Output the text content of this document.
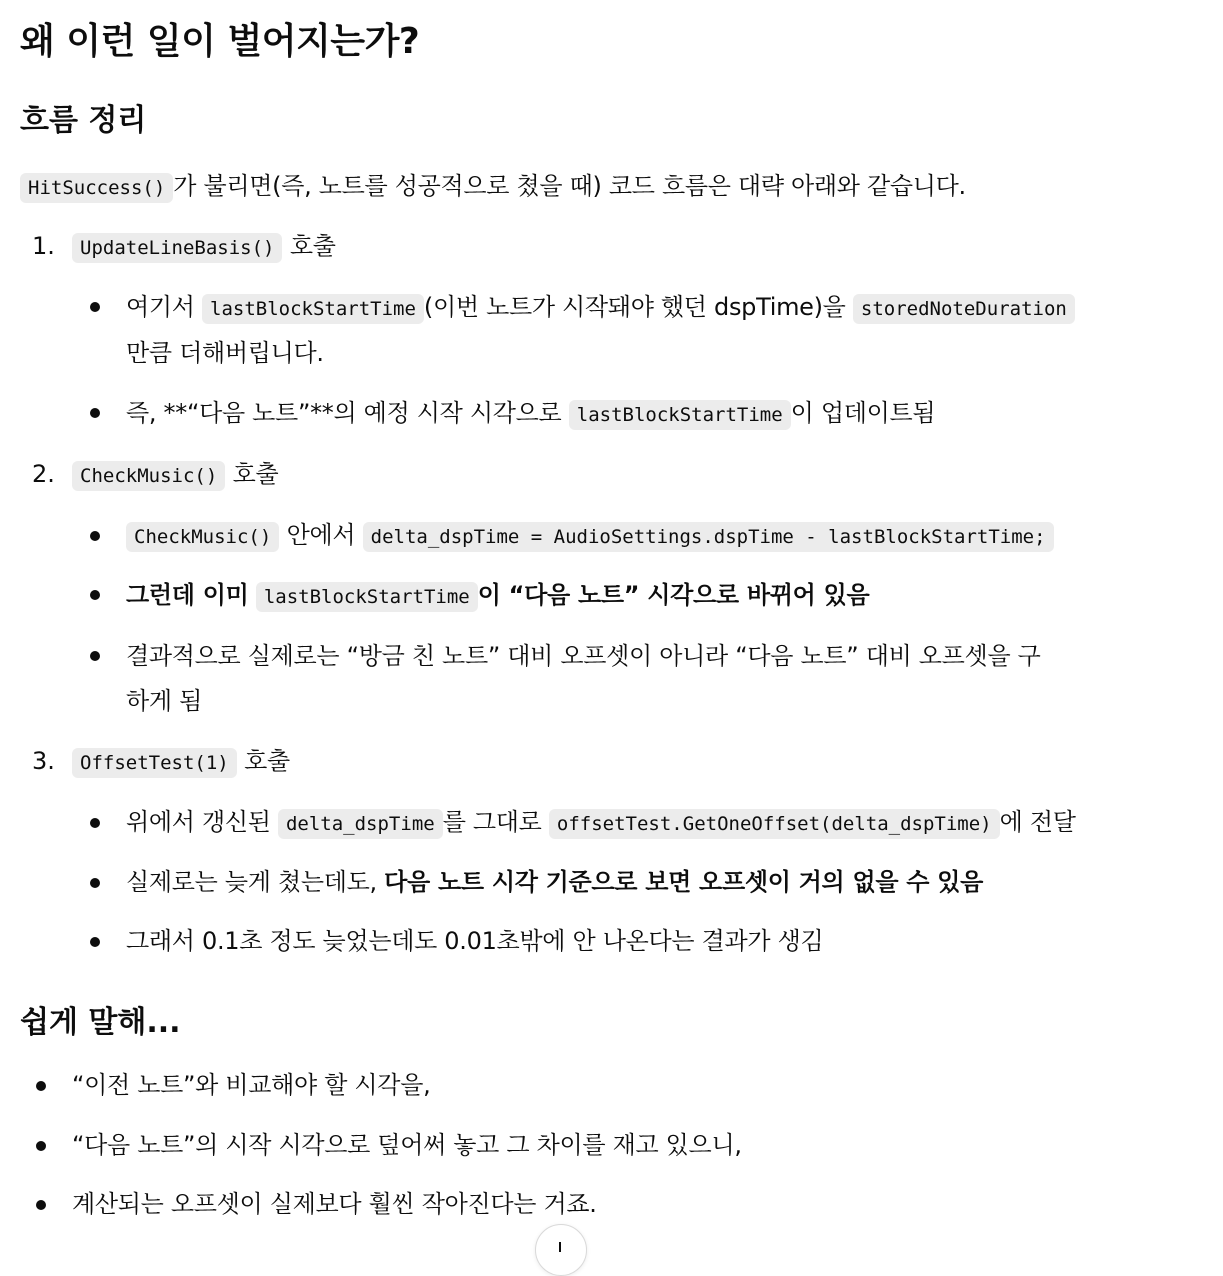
왜 이런 일이 벌어지는가?
흐름 정리
HitSuccess() 가 불리면(즉, 노트를 성공적으로 쳤을 때) 코드 흐름은 대략 아래와 같습니다.
1.	UpdateLineBasis() 호출
여기서 lastBlockStartTime (이번 노트가 시작돼야 했던 dspTime)을 storedNoteDuration
만큼 더해버립니다.
즉, **“다음 노트”**의 예정 시작 시각으로 lastBlockStartTime 이 업데이트됨
2.	CheckMusic() 호출
CheckMusic() 안에서 delta_dspTime = AudioSettings.dspTime - lastBlockStartTime;
그런데 이미 lastBlockStartTime 이 “다음 노트” 시각으로 바뀌어 있음
결과적으로 실제로는 “방금 친 노트” 대비 오프셋이 아니라 “다음 노트” 대비 오프셋을 구
하게 됨
3.	OffsetTest(1) 호출
위에서 갱신된 delta_dspTime 를 그대로 offsetTest.GetOneOffset(delta_dspTime) 에 전달
실제로는 늦게 쳤는데도, 다음 노트 시각 기준으로 보면 오프셋이 거의 없을 수 있음
그래서 0.1초 정도 늦었는데도 0.01초밖에 안 나온다는 결과가 생김
쉽게 말해...
“이전 노트”와 비교해야 할 시각을,
“다음 노트”의 시작 시각으로 덮어써 놓고 그 차이를 재고 있으니,
계산되는 오프셋이 실제보다 훨씬 작아진다는 거죠.
